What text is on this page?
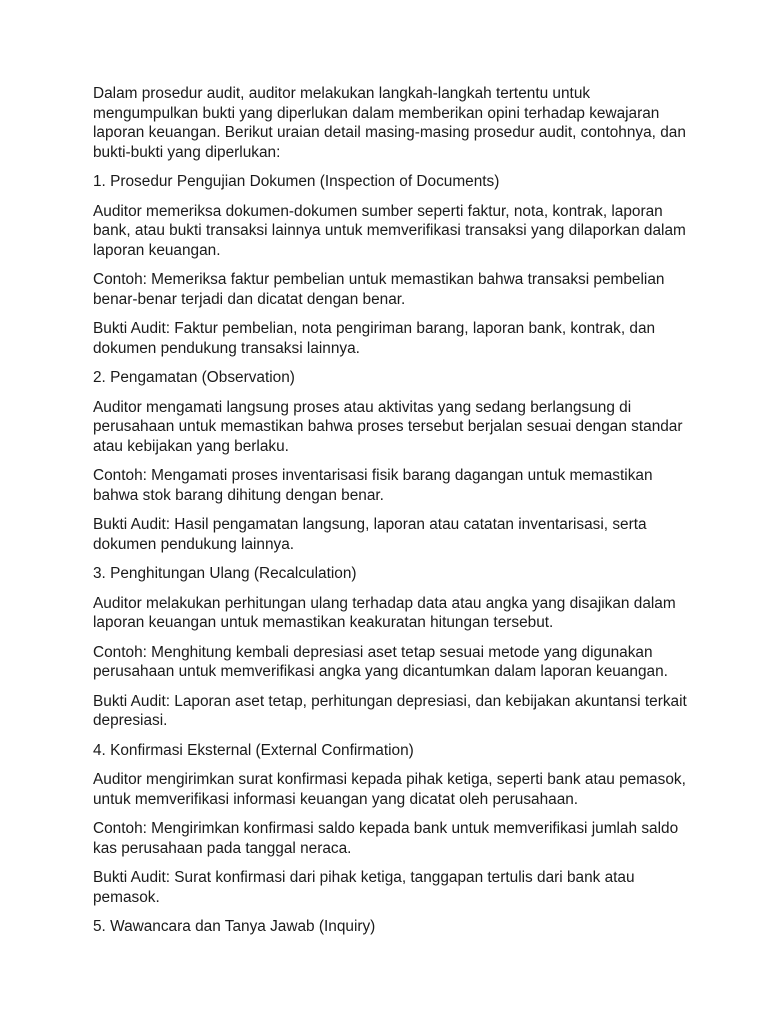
Dalam prosedur audit, auditor melakukan langkah-langkah tertentu untuk mengumpulkan bukti yang diperlukan dalam memberikan opini terhadap kewajaran laporan keuangan. Berikut uraian detail masing-masing prosedur audit, contohnya, dan bukti-bukti yang diperlukan:

1. Prosedur Pengujian Dokumen (Inspection of Documents)

Auditor memeriksa dokumen-dokumen sumber seperti faktur, nota, kontrak, laporan bank, atau bukti transaksi lainnya untuk memverifikasi transaksi yang dilaporkan dalam laporan keuangan.

Contoh: Memeriksa faktur pembelian untuk memastikan bahwa transaksi pembelian benar-benar terjadi dan dicatat dengan benar.

Bukti Audit: Faktur pembelian, nota pengiriman barang, laporan bank, kontrak, dan dokumen pendukung transaksi lainnya.

2. Pengamatan (Observation)

Auditor mengamati langsung proses atau aktivitas yang sedang berlangsung di perusahaan untuk memastikan bahwa proses tersebut berjalan sesuai dengan standar atau kebijakan yang berlaku.

Contoh: Mengamati proses inventarisasi fisik barang dagangan untuk memastikan bahwa stok barang dihitung dengan benar.

Bukti Audit: Hasil pengamatan langsung, laporan atau catatan inventarisasi, serta dokumen pendukung lainnya.

3. Penghitungan Ulang (Recalculation)

Auditor melakukan perhitungan ulang terhadap data atau angka yang disajikan dalam laporan keuangan untuk memastikan keakuratan hitungan tersebut.

Contoh: Menghitung kembali depresiasi aset tetap sesuai metode yang digunakan perusahaan untuk memverifikasi angka yang dicantumkan dalam laporan keuangan.

Bukti Audit: Laporan aset tetap, perhitungan depresiasi, dan kebijakan akuntansi terkait depresiasi.

4. Konfirmasi Eksternal (External Confirmation)

Auditor mengirimkan surat konfirmasi kepada pihak ketiga, seperti bank atau pemasok, untuk memverifikasi informasi keuangan yang dicatat oleh perusahaan.

Contoh: Mengirimkan konfirmasi saldo kepada bank untuk memverifikasi jumlah saldo kas perusahaan pada tanggal neraca.

Bukti Audit: Surat konfirmasi dari pihak ketiga, tanggapan tertulis dari bank atau pemasok.

5. Wawancara dan Tanya Jawab (Inquiry)
